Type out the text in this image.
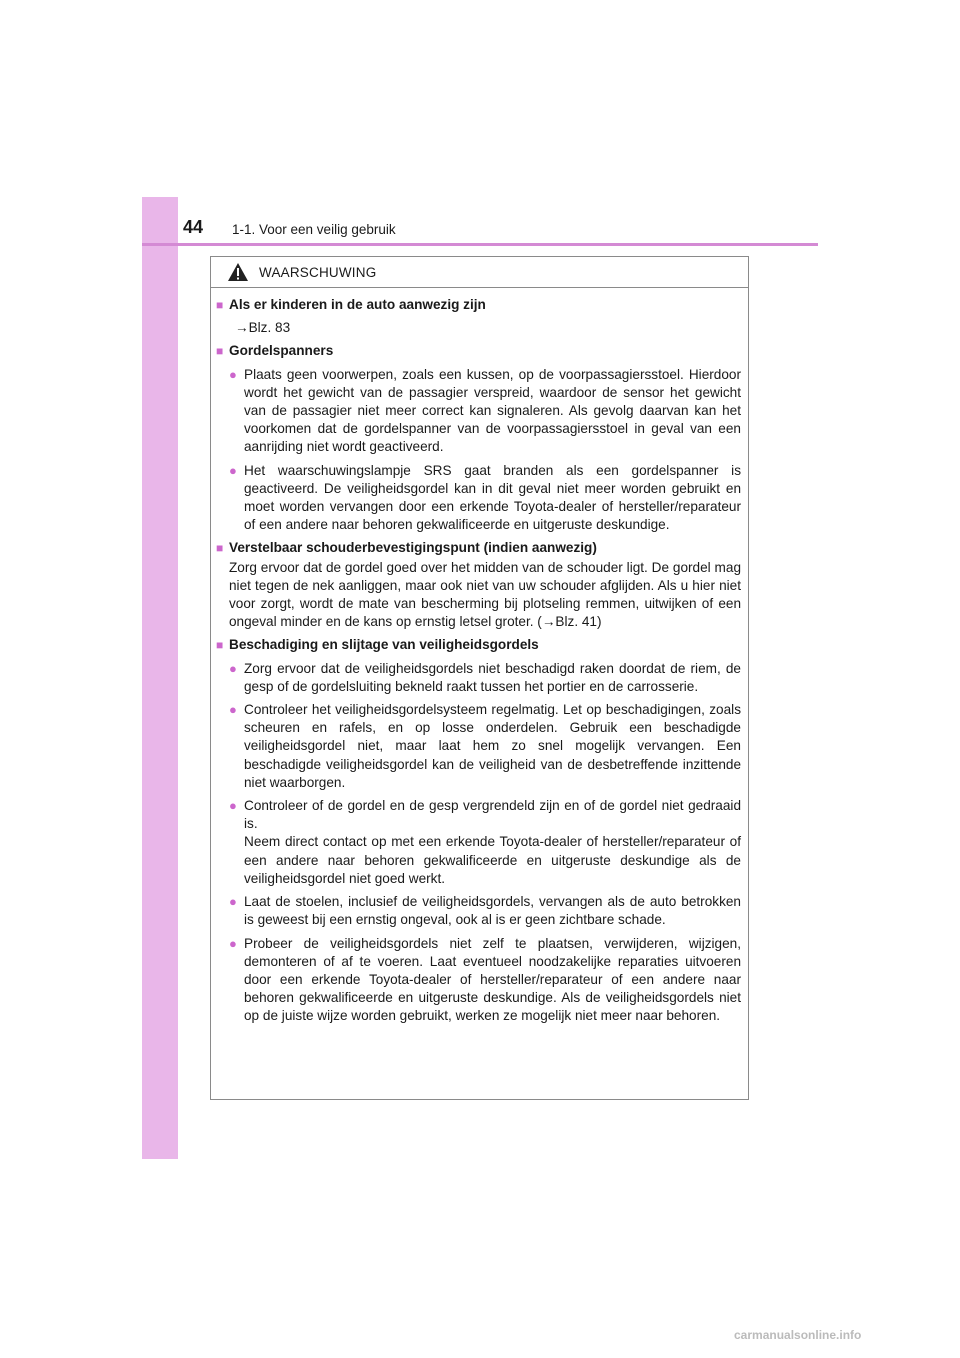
44 1-1. Voor een veilig gebruik
WAARSCHUWING
■ Als er kinderen in de auto aanwezig zijn
→Blz. 83
■ Gordelspanners
● Plaats geen voorwerpen, zoals een kussen, op de voorpassagiersstoel. Hierdoor wordt het gewicht van de passagier verspreid, waardoor de sensor het gewicht van de passagier niet meer correct kan signaleren. Als gevolg daarvan kan het voorkomen dat de gordelspanner van de voorpassagiersstoel in geval van een aanrijding niet wordt geactiveerd.
● Het waarschuwingslampje SRS gaat branden als een gordelspanner is geactiveerd. De veiligheidsgordel kan in dit geval niet meer worden gebruikt en moet worden vervangen door een erkende Toyota-dealer of hersteller/reparateur of een andere naar behoren gekwalificeerde en uitgeruste deskundige.
■ Verstelbaar schouderbevestigingspunt (indien aanwezig)
Zorg ervoor dat de gordel goed over het midden van de schouder ligt. De gordel mag niet tegen de nek aanliggen, maar ook niet van uw schouder afglijden. Als u hier niet voor zorgt, wordt de mate van bescherming bij plotseling remmen, uitwijken of een ongeval minder en de kans op ernstig letsel groter. (→Blz. 41)
■ Beschadiging en slijtage van veiligheidsgordels
● Zorg ervoor dat de veiligheidsgordels niet beschadigd raken doordat de riem, de gesp of de gordelsluiting bekneld raakt tussen het portier en de carrosserie.
● Controleer het veiligheidsgordelsysteem regelmatig. Let op beschadigingen, zoals scheuren en rafels, en op losse onderdelen. Gebruik een beschadigde veiligheidsgordel niet, maar laat hem zo snel mogelijk vervangen. Een beschadigde veiligheidsgordel kan de veiligheid van de desbetreffende inzittende niet waarborgen.
● Controleer of de gordel en de gesp vergrendeld zijn en of de gordel niet gedraaid is.
Neem direct contact op met een erkende Toyota-dealer of hersteller/reparateur of een andere naar behoren gekwalificeerde en uitgeruste deskundige als de veiligheidsgordel niet goed werkt.
● Laat de stoelen, inclusief de veiligheidsgordels, vervangen als de auto betrokken is geweest bij een ernstig ongeval, ook al is er geen zichtbare schade.
● Probeer de veiligheidsgordels niet zelf te plaatsen, verwijderen, wijzigen, demonteren of af te voeren. Laat eventueel noodzakelijke reparaties uitvoeren door een erkende Toyota-dealer of hersteller/reparateur of een andere naar behoren gekwalificeerde en uitgeruste deskundige. Als de veiligheidsgordels niet op de juiste wijze worden gebruikt, werken ze mogelijk niet meer naar behoren.
carmanualsonline.info
